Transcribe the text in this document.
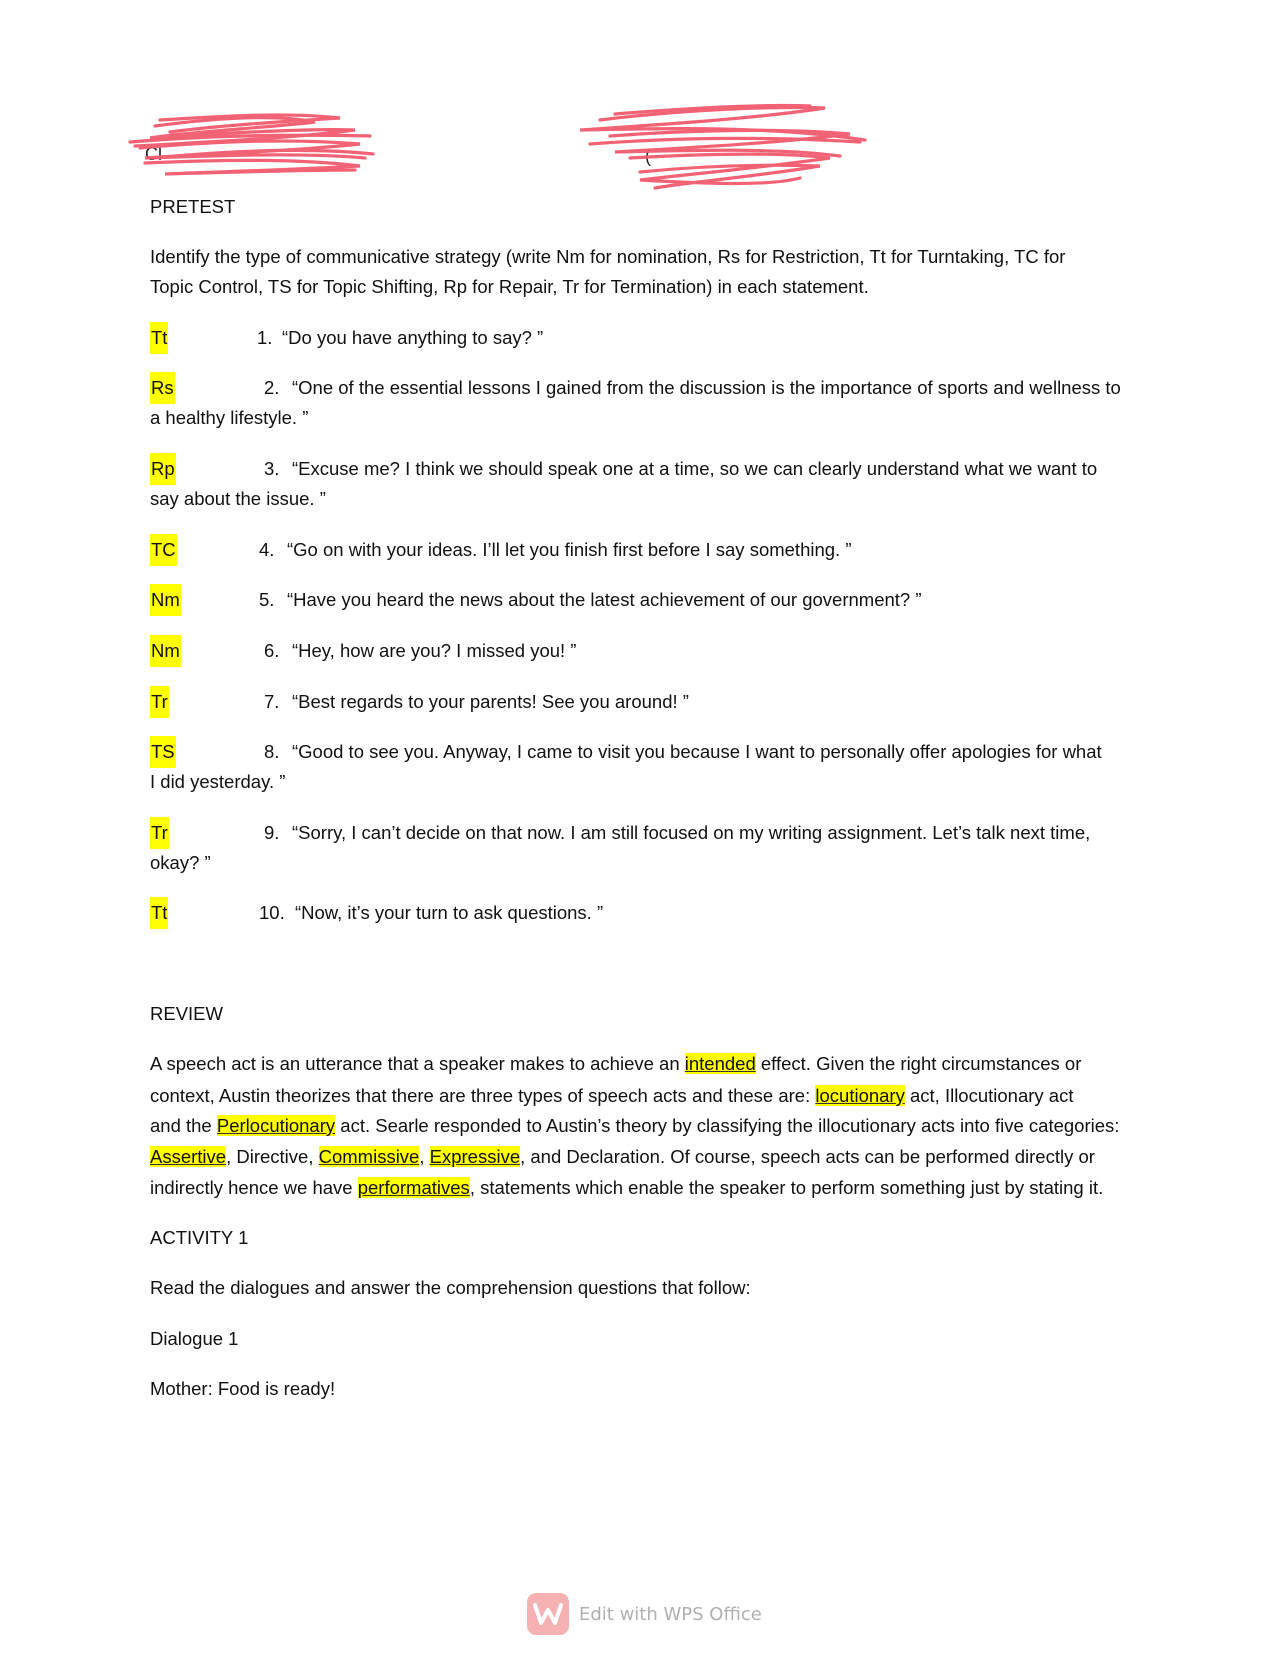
Cl	(
PRETEST
Identify the type of communicative strategy (write Nm for nomination, Rs for Restriction, Tt for Turntaking, TC for
Topic Control, TS for Topic Shifting, Rp for Repair, Tr for Termination) in each statement.
Tt	1. “Do you have anything to say? ”
Rs	2. “One of the essential lessons I gained from the discussion is the importance of sports and wellness to
a healthy lifestyle. ”
Rp	3. “Excuse me? I think we should speak one at a time, so we can clearly understand what we want to
say about the issue. ”
TC	4. “Go on with your ideas. I’ll let you finish first before I say something. ”
Nm	5. “Have you heard the news about the latest achievement of our government? ”
Nm	6. “Hey, how are you? I missed you! ”
Tr	7. “Best regards to your parents! See you around! ”
TS	8. “Good to see you. Anyway, I came to visit you because I want to personally offer apologies for what
I did yesterday. ”
Tr	9. “Sorry, I can’t decide on that now. I am still focused on my writing assignment. Let’s talk next time,
okay? ”
Tt	10. “Now, it’s your turn to ask questions. ”
REVIEW
A speech act is an utterance that a speaker makes to achieve an intended effect. Given the right circumstances or
context, Austin theorizes that there are three types of speech acts and these are: locutionary act, Illocutionary act
and the Perlocutionary act. Searle responded to Austin’s theory by classifying the illocutionary acts into five categories:
Assertive, Directive, Commissive, Expressive, and Declaration. Of course, speech acts can be performed directly or
indirectly hence we have performatives, statements which enable the speaker to perform something just by stating it.
ACTIVITY 1
Read the dialogues and answer the comprehension questions that follow:
Dialogue 1
Mother: Food is ready!
Edit with WPS Office
